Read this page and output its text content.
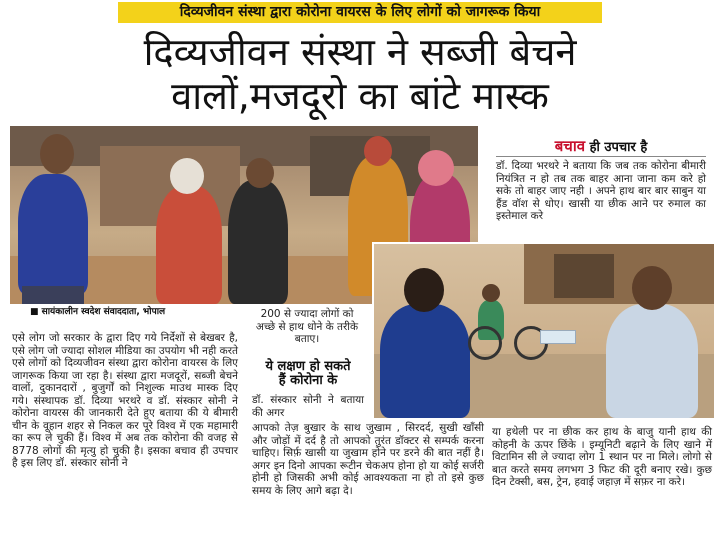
दिव्यजीवन संस्था द्वारा कोरोना वायरस के लिए लोगों को जागरूक किया
दिव्यजीवन संस्था ने सब्जी बेचने
वालों,मजदूरो का बांटे मास्क
■ सायंकालीन स्वदेश संवाददाता, भोपाल
एसे लोग जो सरकार के द्वारा दिए गये निर्देशों से बेखबर है, एसे लोग जो ज्यादा सोशल मीडिया का उपयोग भी नही करते एसे लोगों को दिव्यजीवन संस्था द्वारा कोरोना वायरस के लिए जागरूक किया जा रहा है। संस्था द्वारा मजदूरों, सब्जी बेचने वालों, दुकानदारों , बुजुर्गों को निशुल्क माउथ मास्क दिए गये। संस्थापक डॉ. दिव्या भरथरे व डॉ. संस्कार सोनी ने कोरोना वायरस की जानकारी देते हुए बताया की ये बीमारी चीन के वूहान शहर से निकल कर पूरे विश्व में एक महामारी का रूप ले चुकी हैं। विश्व में अब तक कोरोना की वजह से 8778 लोगों की मृत्यु हो चुकी है। इसका बचाव ही उपचार है इस लिए डॉ. संस्कार सोनी ने
200 से ज्यादा लोगों को अच्छे से हाथ धोने के तरीके बताए।
ये लक्षण हो सकते
हैं कोरोना के
डॉ. संस्कार सोनी ने बताया की अगर
आपको तेज़ बुखार के साथ जुखाम , सिरदर्द, सुखी खाँसी और जोड़ों में दर्द है तो आपको तुरंत डॉक्टर से सम्पर्क करना चाहिए। सिर्फ़ खासी या जुखाम होने पर डरने की बात नहीं है। अगर इन दिनो आपका रूटीन चेकअप होना हो या कोई सर्जरी होनी हो जिसकी अभी कोई आवश्यकता ना हो तो इसे कुछ समय के लिए आगे बढ़ा दे।
बचाव ही उपचार है
डॉ. दिव्या भरथरे ने बताया कि जब तक कोरोना बीमारी नियंत्रित न हो तब तक बाहर आना जाना कम करे हो सके तो बाहर जाए नही । अपने हाथ बार बार साबुन या हैंड वॉश से धोए। खासी या छीक आने पर रुमाल का इस्तेमाल करे
या हथेली पर ना छीक कर हाथ के बाजु यानी हाथ की कोहनी के ऊपर छिंके । इम्यूनिटी बढ़ाने के लिए खाने में विटामिन सी ले ज्यादा लोग 1 स्थान पर ना मिले। लोगो से बात करते समय लगभग 3 फिट की दूरी बनाए रखे। कुछ दिन टेक्सी, बस, ट्रेन, हवाई जहाज़ में सफ़र ना करे।
